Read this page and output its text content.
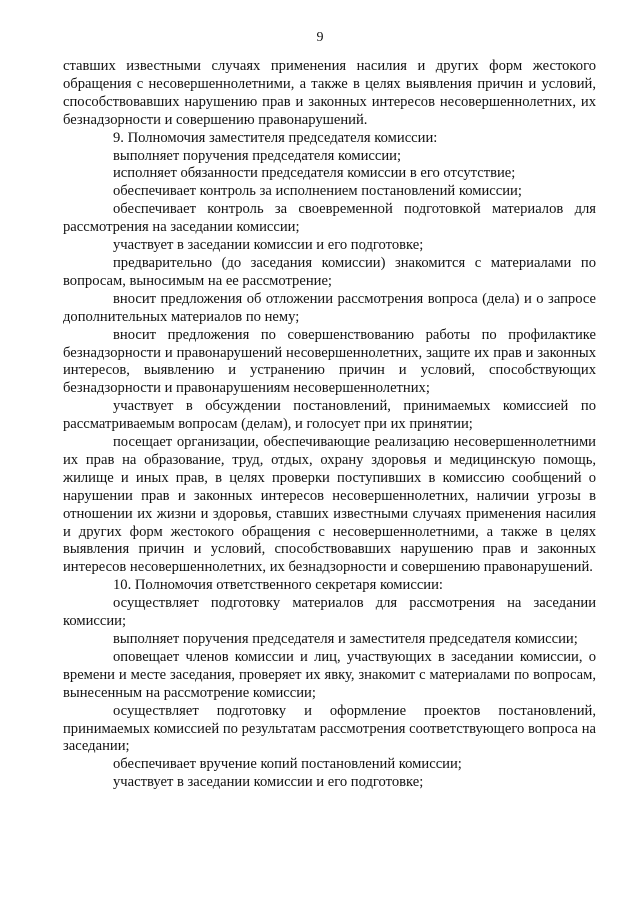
9

ставших известными случаях применения насилия и других форм жестокого обращения с несовершеннолетними, а также в целях выявления причин и условий, способствовавших нарушению прав и законных интересов несовершеннолетних, их безнадзорности и совершению правонарушений.

9. Полномочия заместителя председателя комиссии:

выполняет поручения председателя комиссии;

исполняет обязанности председателя комиссии в его отсутствие;

обеспечивает контроль за исполнением постановлений комиссии;

обеспечивает контроль за своевременной подготовкой материалов для рассмотрения на заседании комиссии;

участвует в заседании комиссии и его подготовке;

предварительно (до заседания комиссии) знакомится с материалами по вопросам, выносимым на ее рассмотрение;

вносит предложения об отложении рассмотрения вопроса (дела) и о запросе дополнительных материалов по нему;

вносит предложения по совершенствованию работы по профилактике безнадзорности и правонарушений несовершеннолетних, защите их прав и законных интересов, выявлению и устранению причин и условий, способствующих безнадзорности и правонарушениям несовершеннолетних;

участвует в обсуждении постановлений, принимаемых комиссией по рассматриваемым вопросам (делам), и голосует при их принятии;

посещает организации, обеспечивающие реализацию несовершеннолетними их прав на образование, труд, отдых, охрану здоровья и медицинскую помощь, жилище и иных прав, в целях проверки поступивших в комиссию сообщений о нарушении прав и законных интересов несовершеннолетних, наличии угрозы в отношении их жизни и здоровья, ставших известными случаях применения насилия и других форм жестокого обращения с несовершеннолетними, а также в целях выявления причин и условий, способствовавших нарушению прав и законных интересов несовершеннолетних, их безнадзорности и совершению правонарушений.

10. Полномочия ответственного секретаря комиссии:

осуществляет подготовку материалов для рассмотрения на заседании комиссии;

выполняет поручения председателя и заместителя председателя комиссии;

оповещает членов комиссии и лиц, участвующих в заседании комиссии, о времени и месте заседания, проверяет их явку, знакомит с материалами по вопросам, вынесенным на рассмотрение комиссии;

осуществляет подготовку и оформление проектов постановлений, принимаемых комиссией по результатам рассмотрения соответствующего вопроса на заседании;

обеспечивает вручение копий постановлений комиссии;

участвует в заседании комиссии и его подготовке;
